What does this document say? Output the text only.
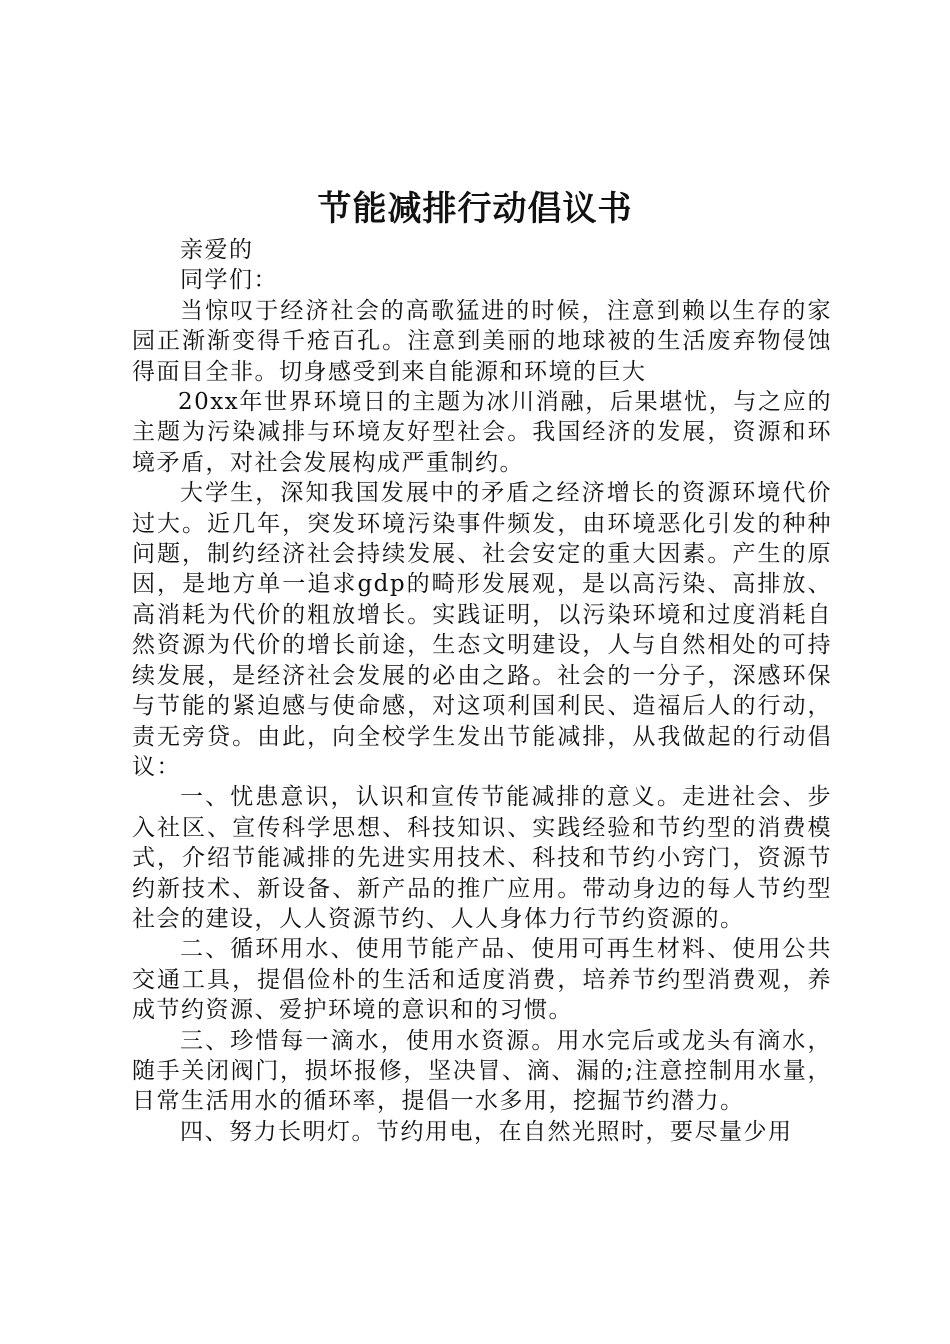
节能减排行动倡议书

亲爱的

同学们：

当惊叹于经济社会的高歌猛进的时候，注意到赖以生存的家园正渐渐变得千疮百孔。注意到美丽的地球被的生活废弃物侵蚀得面目全非。切身感受到来自能源和环境的巨大

20xx年世界环境日的主题为冰川消融，后果堪忧，与之应的主题为污染减排与环境友好型社会。我国经济的发展，资源和环境矛盾，对社会发展构成严重制约。

大学生，深知我国发展中的矛盾之经济增长的资源环境代价过大。近几年，突发环境污染事件频发，由环境恶化引发的种种问题，制约经济社会持续发展、社会安定的重大因素。产生的原因，是地方单一追求gdp的畸形发展观，是以高污染、高排放、高消耗为代价的粗放增长。实践证明，以污染环境和过度消耗自然资源为代价的增长前途，生态文明建设，人与自然相处的可持续发展，是经济社会发展的必由之路。社会的一分子，深感环保与节能的紧迫感与使命感，对这项利国利民、造福后人的行动，责无旁贷。由此，向全校学生发出节能减排，从我做起的行动倡议：

一、忧患意识，认识和宣传节能减排的意义。走进社会、步入社区、宣传科学思想、科技知识、实践经验和节约型的消费模式，介绍节能减排的先进实用技术、科技和节约小窍门，资源节约新技术、新设备、新产品的推广应用。带动身边的每人节约型社会的建设，人人资源节约、人人身体力行节约资源的。

二、循环用水、使用节能产品、使用可再生材料、使用公共交通工具，提倡俭朴的生活和适度消费，培养节约型消费观，养成节约资源、爱护环境的意识和的习惯。

三、珍惜每一滴水，使用水资源。用水完后或龙头有滴水，随手关闭阀门，损坏报修，坚决冒、滴、漏的;注意控制用水量，日常生活用水的循环率，提倡一水多用，挖掘节约潜力。

四、努力长明灯。节约用电，在自然光照时，要尽量少用
